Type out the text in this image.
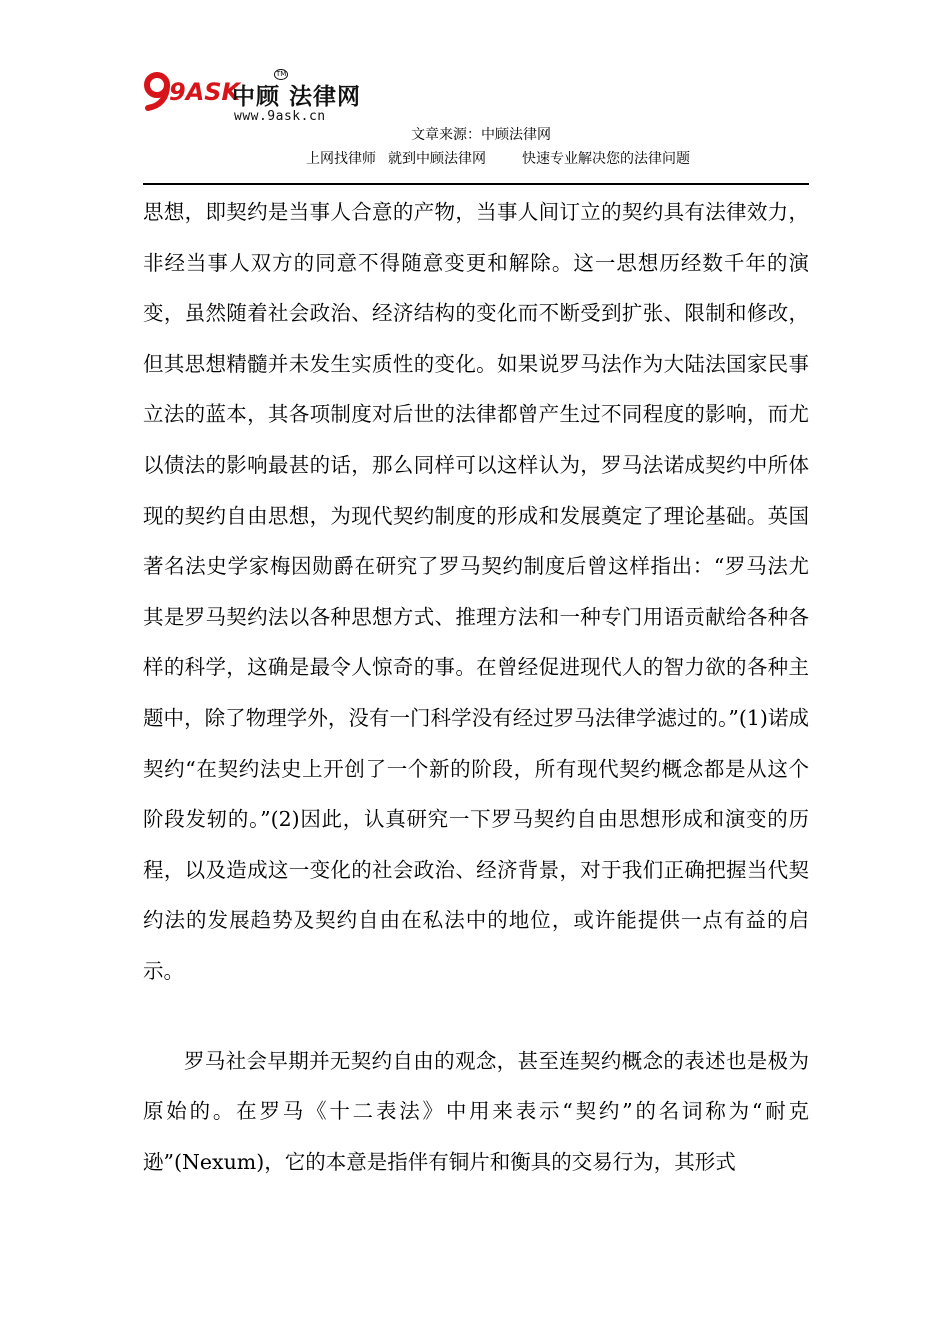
9ASK
中顾 法律网
TM
www.9ask.cn
文章来源：中顾法律网
上网找律师 就到中顾法律网	快速专业解决您的法律问题

思想，即契约是当事人合意的产物，当事人间订立的契约具有法律效力，非经当事人双方的同意不得随意变更和解除。这一思想历经数千年的演变，虽然随着社会政治、经济结构的变化而不断受到扩张、限制和修改，但其思想精髓并未发生实质性的变化。如果说罗马法作为大陆法国家民事立法的蓝本，其各项制度对后世的法律都曾产生过不同程度的影响，而尤以债法的影响最甚的话，那么同样可以这样认为，罗马法诺成契约中所体现的契约自由思想，为现代契约制度的形成和发展奠定了理论基础。英国著名法史学家梅因勋爵在研究了罗马契约制度后曾这样指出：“罗马法尤其是罗马契约法以各种思想方式、推理方法和一种专门用语贡献给各种各样的科学，这确是最令人惊奇的事。在曾经促进现代人的智力欲的各种主题中，除了物理学外，没有一门科学没有经过罗马法律学滤过的。”(1)诺成契约“在契约法史上开创了一个新的阶段，所有现代契约概念都是从这个阶段发轫的。”(2)因此，认真研究一下罗马契约自由思想形成和演变的历程，以及造成这一变化的社会政治、经济背景，对于我们正确把握当代契约法的发展趋势及契约自由在私法中的地位，或许能提供一点有益的启示。

罗马社会早期并无契约自由的观念，甚至连契约概念的表述也是极为原始的。在罗马《十二表法》中用来表示“契约”的名词称为“耐克逊”(Nexum)，它的本意是指伴有铜片和衡具的交易行为，其形式
